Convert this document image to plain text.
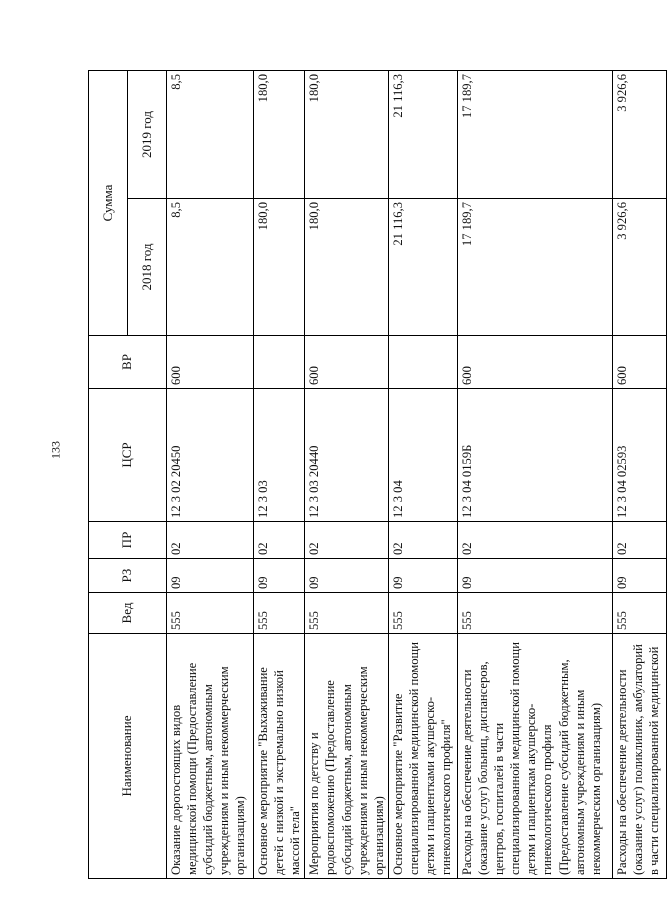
133
Наименование	Вед	РЗ	ПР	ЦСР	ВР	Сумма	
						2018 год	2019 год
Оказание дорогостоящих видов медицинской помощи (Предоставление субсидий бюджетным, автономным учреждениям и иным некоммерческим организациям)	555	09	02	12 3 02 20450	600	8,5	8,5
Основное мероприятие "Выхаживание детей с низкой и экстремально низкой массой тела"	555	09	02	12 3 03		180,0	180,0
Мероприятия по детству и родовспоможению (Предоставление субсидий бюджетным, автономным учреждениям и иным некоммерческим организациям)	555	09	02	12 3 03 20440	600	180,0	180,0
Основное мероприятие "Развитие специализированной медицинской помощи детям и пациентками акушерско-гинекологического профиля"	555	09	02	12 3 04		21 116,3	21 116,3
Расходы на обеспечение деятельности (оказание услуг) больниц, диспансеров, центров, госпиталей в части специализированной медицинской помощи детям и пациенткам акушерско-гинекологического профиля (Предоставление субсидий бюджетным, автономным учреждениям и иным некоммерческим организациям)	555	09	02	12 3 04 0159Б	600	17 189,7	17 189,7
Расходы на обеспечение деятельности (оказание услуг) поликлиник, амбулаторий в части специализированной медицинской	555	09	02	12 3 04 02593	600	3 926,6	3 926,6
